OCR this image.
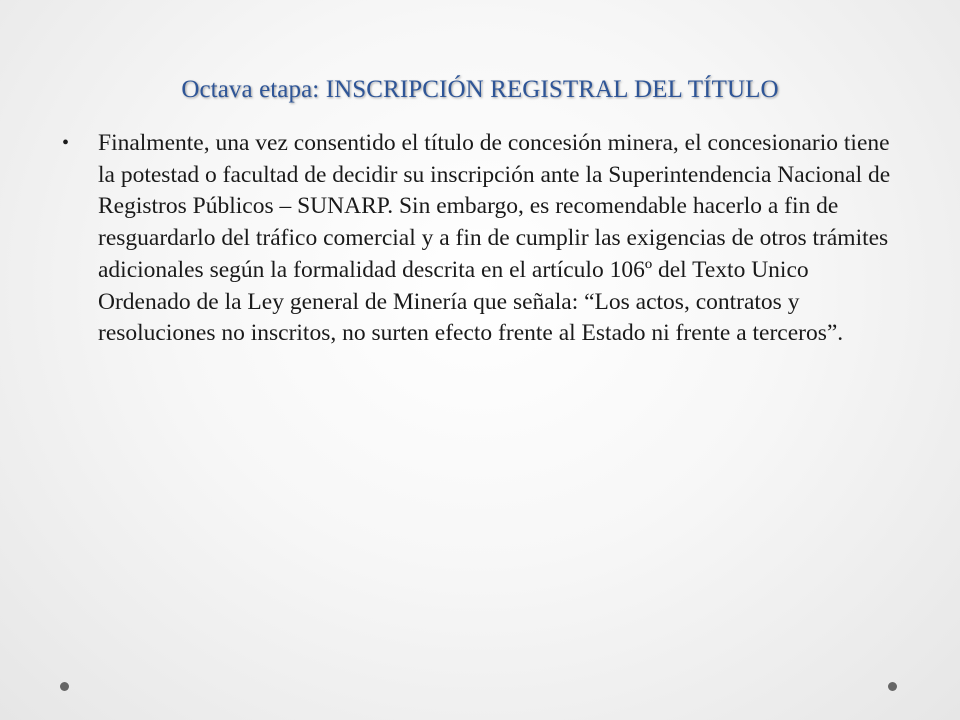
Octava etapa: INSCRIPCIÓN REGISTRAL DEL TÍTULO
• Finalmente, una vez consentido el título de concesión minera, el concesionario tiene la potestad o facultad de decidir su inscripción ante la Superintendencia Nacional de Registros Públicos – SUNARP. Sin embargo, es recomendable hacerlo a fin de resguardarlo del tráfico comercial y a fin de cumplir las exigencias de otros trámites adicionales según la formalidad descrita en el artículo 106º del Texto Unico Ordenado de la Ley general de Minería que señala: “Los actos, contratos y resoluciones no inscritos, no surten efecto frente al Estado ni frente a terceros”.
